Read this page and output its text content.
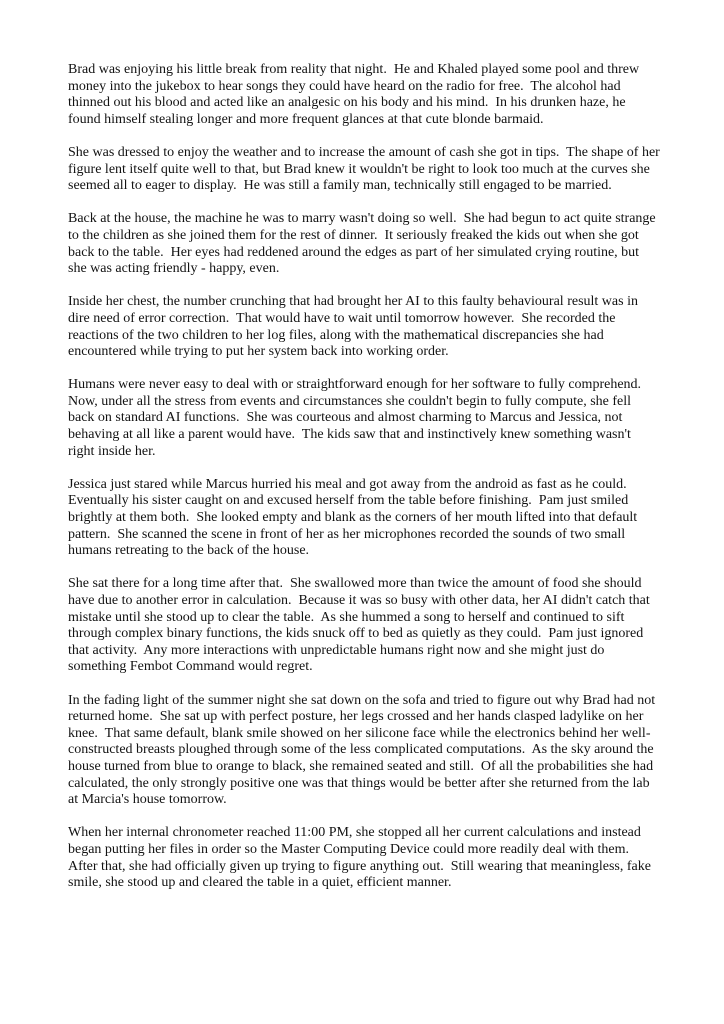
Brad was enjoying his little break from reality that night.  He and Khaled played some pool and threw money into the jukebox to hear songs they could have heard on the radio for free.  The alcohol had thinned out his blood and acted like an analgesic on his body and his mind.  In his drunken haze, he found himself stealing longer and more frequent glances at that cute blonde barmaid.

She was dressed to enjoy the weather and to increase the amount of cash she got in tips.  The shape of her figure lent itself quite well to that, but Brad knew it wouldn't be right to look too much at the curves she seemed all to eager to display.  He was still a family man, technically still engaged to be married.

Back at the house, the machine he was to marry wasn't doing so well.  She had begun to act quite strange to the children as she joined them for the rest of dinner.  It seriously freaked the kids out when she got back to the table.  Her eyes had reddened around the edges as part of her simulated crying routine, but she was acting friendly - happy, even.

Inside her chest, the number crunching that had brought her AI to this faulty behavioural result was in dire need of error correction.  That would have to wait until tomorrow however.  She recorded the reactions of the two children to her log files, along with the mathematical discrepancies she had encountered while trying to put her system back into working order.

Humans were never easy to deal with or straightforward enough for her software to fully comprehend.  Now, under all the stress from events and circumstances she couldn't begin to fully compute, she fell back on standard AI functions.  She was courteous and almost charming to Marcus and Jessica, not behaving at all like a parent would have.  The kids saw that and instinctively knew something wasn't right inside her.

Jessica just stared while Marcus hurried his meal and got away from the android as fast as he could.  Eventually his sister caught on and excused herself from the table before finishing.  Pam just smiled brightly at them both.  She looked empty and blank as the corners of her mouth lifted into that default pattern.  She scanned the scene in front of her as her microphones recorded the sounds of two small humans retreating to the back of the house.

She sat there for a long time after that.  She swallowed more than twice the amount of food she should have due to another error in calculation.  Because it was so busy with other data, her AI didn't catch that mistake until she stood up to clear the table.  As she hummed a song to herself and continued to sift through complex binary functions, the kids snuck off to bed as quietly as they could.  Pam just ignored that activity.  Any more interactions with unpredictable humans right now and she might just do something Fembot Command would regret.

In the fading light of the summer night she sat down on the sofa and tried to figure out why Brad had not returned home.  She sat up with perfect posture, her legs crossed and her hands clasped ladylike on her knee.  That same default, blank smile showed on her silicone face while the electronics behind her well-constructed breasts ploughed through some of the less complicated computations.  As the sky around the house turned from blue to orange to black, she remained seated and still.  Of all the probabilities she had calculated, the only strongly positive one was that things would be better after she returned from the lab at Marcia's house tomorrow.

When her internal chronometer reached 11:00 PM, she stopped all her current calculations and instead began putting her files in order so the Master Computing Device could more readily deal with them.  After that, she had officially given up trying to figure anything out.  Still wearing that meaningless, fake smile, she stood up and cleared the table in a quiet, efficient manner.
